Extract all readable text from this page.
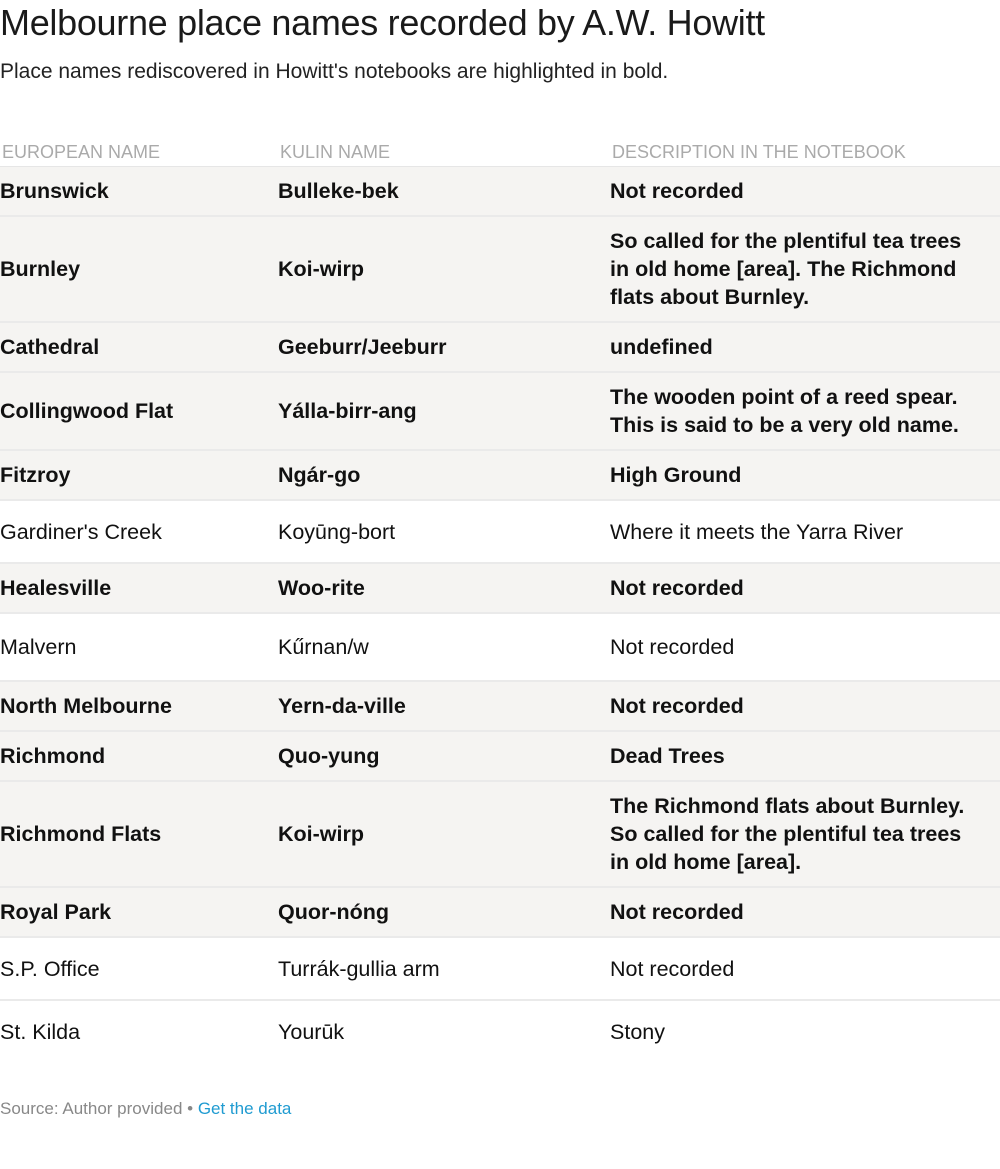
Melbourne place names recorded by A.W. Howitt
Place names rediscovered in Howitt's notebooks are highlighted in bold.
EUROPEAN NAME	KULIN NAME	DESCRIPTION IN THE NOTEBOOK
Brunswick	Bulleke-bek	Not recorded
Burnley	Koi-wirp	So called for the plentiful tea trees in old home [area]. The Richmond flats about Burnley.
Cathedral	Geeburr/Jeeburr	undefined
Collingwood Flat	Yálla-birr-ang	The wooden point of a reed spear. This is said to be a very old name.
Fitzroy	Ngár-go	High Ground
Gardiner's Creek	Koyūng-bort	Where it meets the Yarra River
Healesville	Woo-rite	Not recorded
Malvern	Kűrnan/w	Not recorded
North Melbourne	Yern-da-ville	Not recorded
Richmond	Quo-yung	Dead Trees
Richmond Flats	Koi-wirp	The Richmond flats about Burnley. So called for the plentiful tea trees in old home [area].
Royal Park	Quor-nóng	Not recorded
S.P. Office	Turrák-gullia arm	Not recorded
St. Kilda	Yourūk	Stony
Source: Author provided • Get the data
